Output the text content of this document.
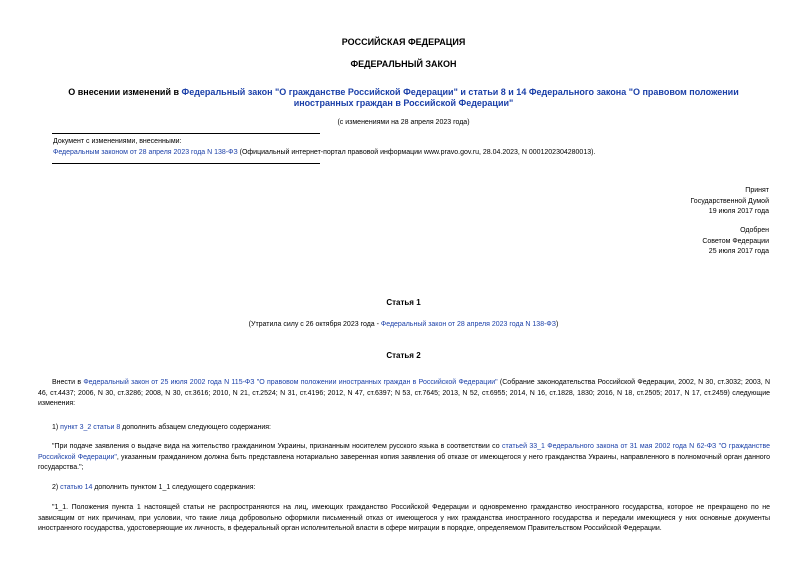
РОССИЙСКАЯ ФЕДЕРАЦИЯ
ФЕДЕРАЛЬНЫЙ ЗАКОН
О внесении изменений в Федеральный закон "О гражданстве Российской Федерации" и статьи 8 и 14 Федерального закона "О правовом положении иностранных граждан в Российской Федерации"
(с изменениями на 28 апреля 2023 года)
Документ с изменениями, внесенными:
Федеральным законом от 28 апреля 2023 года N 138-ФЗ (Официальный интернет-портал правовой информации www.pravo.gov.ru, 28.04.2023, N 0001202304280013).
Принят
Государственной Думой
19 июля 2017 года
Одобрен
Советом Федерации
25 июля 2017 года
Статья 1
(Утратила силу с 26 октября 2023 года - Федеральный закон от 28 апреля 2023 года N 138-ФЗ)
Статья 2
Внести в Федеральный закон от 25 июля 2002 года N 115-ФЗ "О правовом положении иностранных граждан в Российской Федерации" (Собрание законодательства Российской Федерации, 2002, N 30, ст.3032; 2003, N 46, ст.4437; 2006, N 30, ст.3286; 2008, N 30, ст.3616; 2010, N 21, ст.2524; N 31, ст.4196; 2012, N 47, ст.6397; N 53, ст.7645; 2013, N 52, ст.6955; 2014, N 16, ст.1828, 1830; 2016, N 18, ст.2505; 2017, N 17, ст.2459) следующие изменения:
1) пункт 3_2 статьи 8 дополнить абзацем следующего содержания:
"При подаче заявления о выдаче вида на жительство гражданином Украины, признанным носителем русского языка в соответствии со статьей 33_1 Федерального закона от 31 мая 2002 года N 62-ФЗ "О гражданстве Российской Федерации", указанным гражданином должна быть представлена нотариально заверенная копия заявления об отказе от имеющегося у него гражданства Украины, направленного в полномочный орган данного государства.";
2) статью 14 дополнить пунктом 1_1 следующего содержания:
"1_1. Положения пункта 1 настоящей статьи не распространяются на лиц, имеющих гражданство Российской Федерации и одновременно гражданство иностранного государства, которое не прекращено по не зависящим от них причинам, при условии, что такие лица добровольно оформили письменный отказ от имеющегося у них гражданства иностранного государства и передали имеющиеся у них основные документы иностранного государства, удостоверяющие их личность, в федеральный орган исполнительной власти в сфере миграции в порядке, определяемом Правительством Российской Федерации.
